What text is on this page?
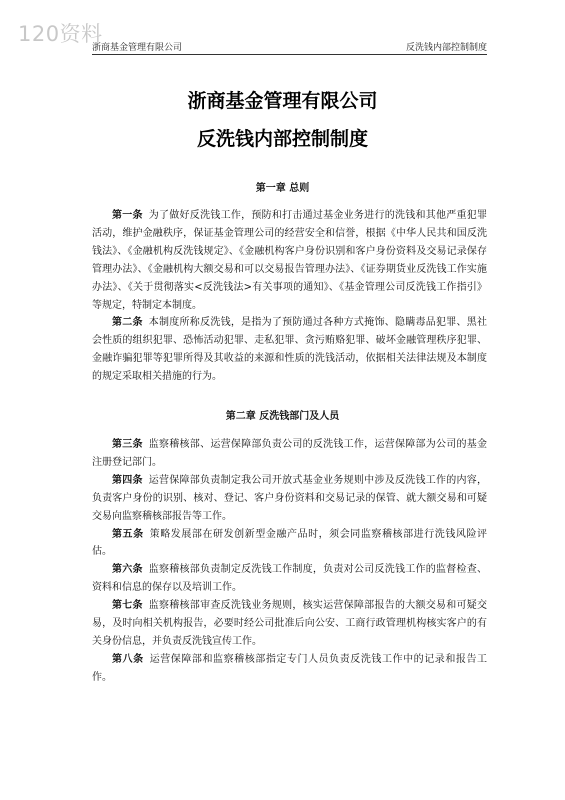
120资料
浙商基金管理有限公司	反洗钱内部控制制度
浙商基金管理有限公司
反洗钱内部控制制度
第一章 总则

第一条 为了做好反洗钱工作，预防和打击通过基金业务进行的洗钱和其他严重犯罪活动，维护金融秩序，保证基金管理公司的经营安全和信誉，根据《中华人民共和国反洗钱法》、《金融机构反洗钱规定》、《金融机构客户身份识别和客户身份资料及交易记录保存管理办法》、《金融机构大额交易和可以交易报告管理办法》、《证券期货业反洗钱工作实施办法》、《关于贯彻落实<反洗钱法>有关事项的通知》、《基金管理公司反洗钱工作指引》等规定，特制定本制度。

第二条 本制度所称反洗钱，是指为了预防通过各种方式掩饰、隐瞒毒品犯罪、黑社会性质的组织犯罪、恐怖活动犯罪、走私犯罪、贪污贿赂犯罪、破坏金融管理秩序犯罪、金融诈骗犯罪等犯罪所得及其收益的来源和性质的洗钱活动，依据相关法律法规及本制度的规定采取相关措施的行为。

第二章 反洗钱部门及人员

第三条 监察稽核部、运营保障部负责公司的反洗钱工作，运营保障部为公司的基金注册登记部门。

第四条 运营保障部负责制定我公司开放式基金业务规则中涉及反洗钱工作的内容，负责客户身份的识别、核对、登记、客户身份资料和交易记录的保管、就大额交易和可疑交易向监察稽核部报告等工作。

第五条 策略发展部在研发创新型金融产品时，须会同监察稽核部进行洗钱风险评估。

第六条 监察稽核部负责制定反洗钱工作制度，负责对公司反洗钱工作的监督检查、资料和信息的保存以及培训工作。

第七条 监察稽核部审查反洗钱业务规则，核实运营保障部报告的大额交易和可疑交易，及时向相关机构报告，必要时经公司批准后向公安、工商行政管理机构核实客户的有关身份信息，并负责反洗钱宣传工作。

第八条 运营保障部和监察稽核部指定专门人员负责反洗钱工作中的记录和报告工作。
